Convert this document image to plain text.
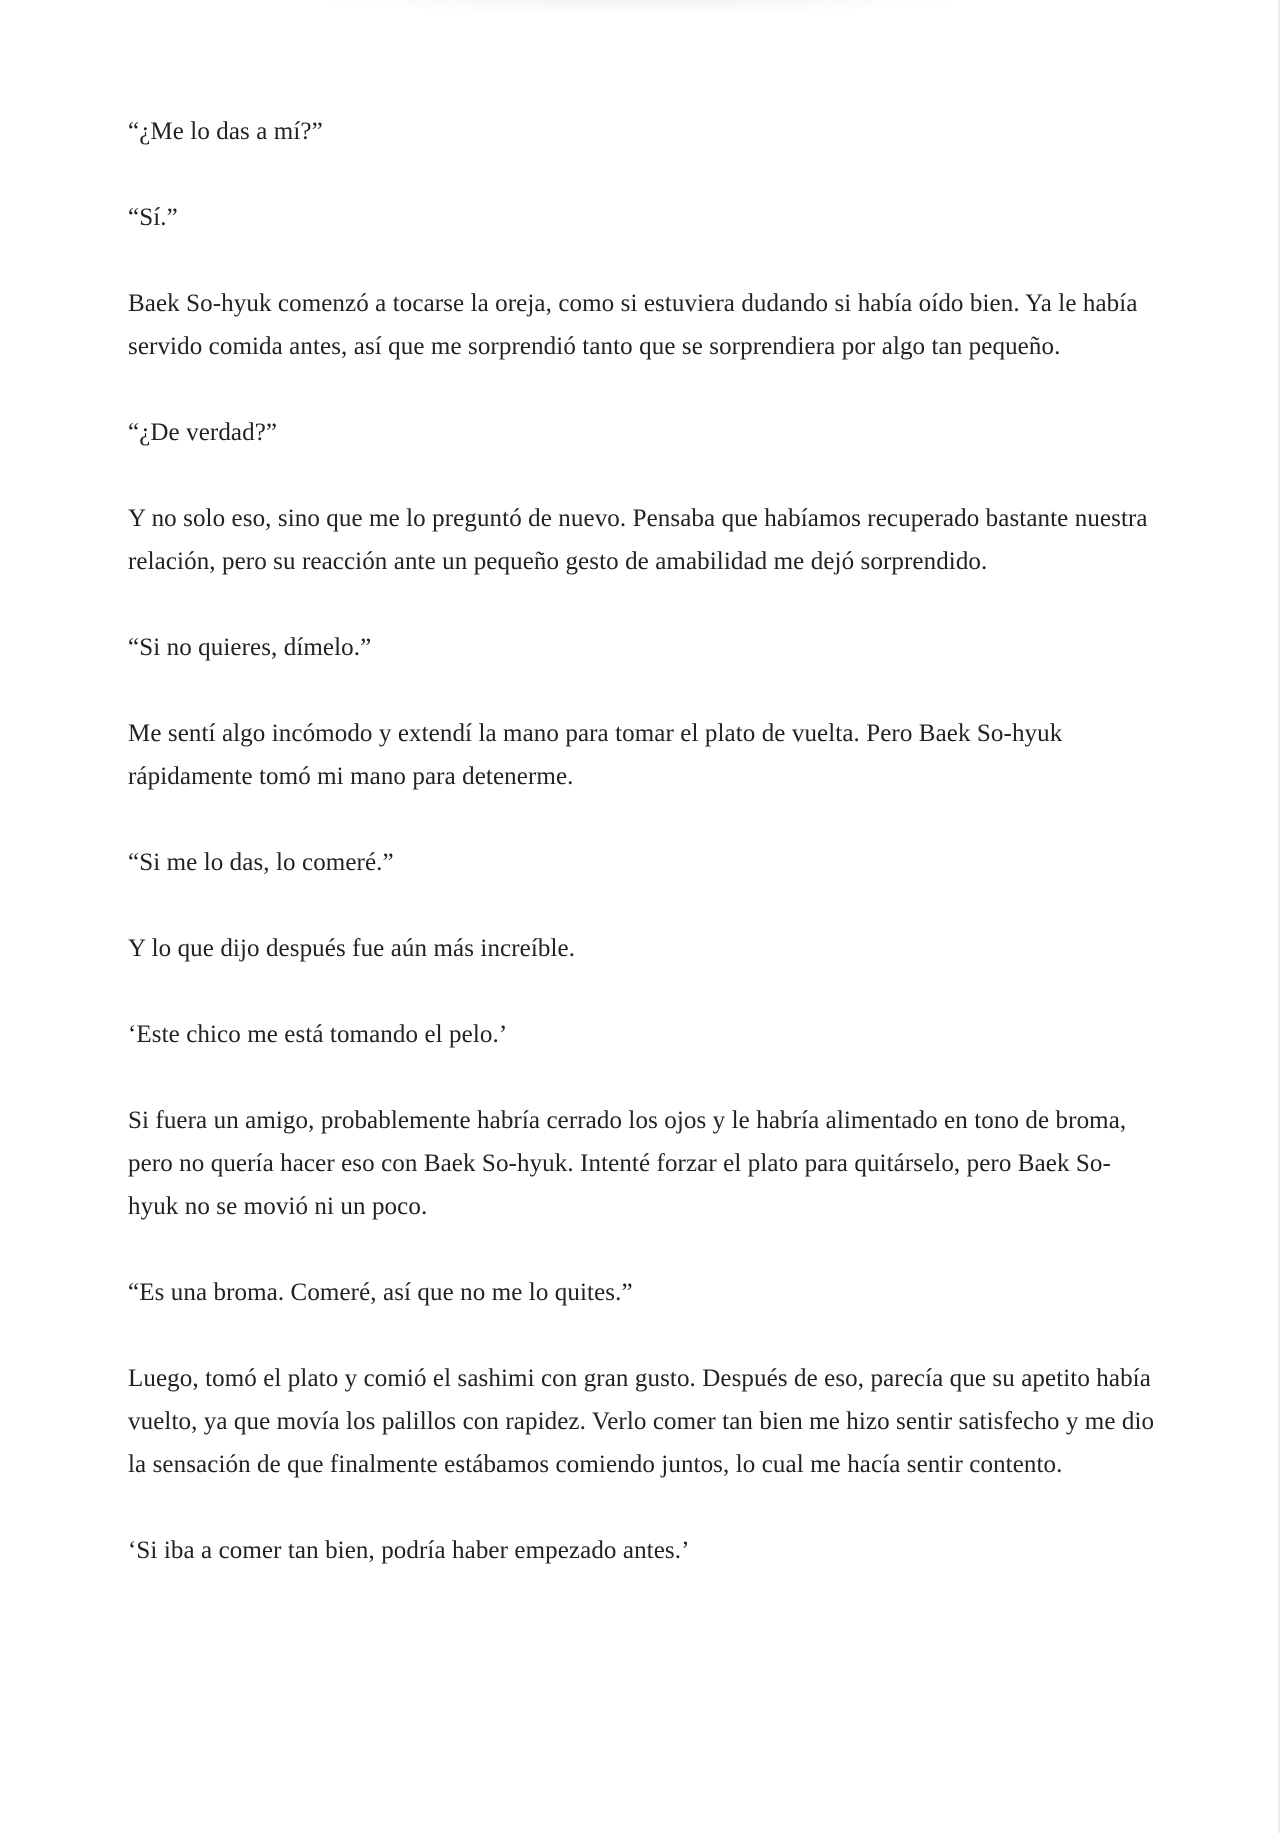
“¿Me lo das a mí?”

“Sí.”

Baek So-hyuk comenzó a tocarse la oreja, como si estuviera dudando si había oído bien. Ya le había servido comida antes, así que me sorprendió tanto que se sorprendiera por algo tan pequeño.

“¿De verdad?”

Y no solo eso, sino que me lo preguntó de nuevo. Pensaba que habíamos recuperado bastante nuestra relación, pero su reacción ante un pequeño gesto de amabilidad me dejó sorprendido.

“Si no quieres, dímelo.”

Me sentí algo incómodo y extendí la mano para tomar el plato de vuelta. Pero Baek So-hyuk rápidamente tomó mi mano para detenerme.

“Si me lo das, lo comeré.”

Y lo que dijo después fue aún más increíble.

‘Este chico me está tomando el pelo.’

Si fuera un amigo, probablemente habría cerrado los ojos y le habría alimentado en tono de broma, pero no quería hacer eso con Baek So-hyuk. Intenté forzar el plato para quitárselo, pero Baek So-hyuk no se movió ni un poco.

“Es una broma. Comeré, así que no me lo quites.”

Luego, tomó el plato y comió el sashimi con gran gusto. Después de eso, parecía que su apetito había vuelto, ya que movía los palillos con rapidez. Verlo comer tan bien me hizo sentir satisfecho y me dio la sensación de que finalmente estábamos comiendo juntos, lo cual me hacía sentir contento.

‘Si iba a comer tan bien, podría haber empezado antes.’
